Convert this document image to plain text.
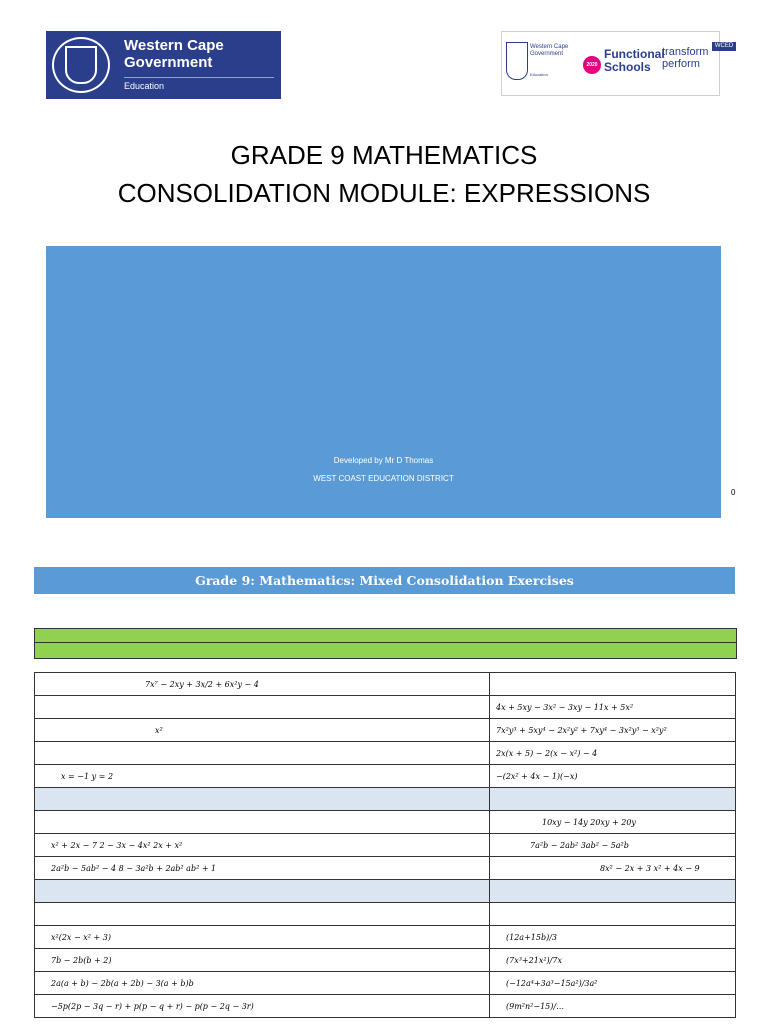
Western Cape Government
Education
Western Cape Government
Education
WCED
2020
Functional Schools
transform perform
GRADE 9 MATHEMATICS
CONSOLIDATION MODULE: EXPRESSIONS
Developed by Mr D Thomas
WEST COAST EDUCATION DISTRICT
0
Grade 9: Mathematics: Mixed Consolidation Exercises
7x⁷ − 2xy + 3x/2 + 6x²y − 4	
	4x + 5xy − 3x² − 3xy − 11x + 5x²
x²	7x²y³ + 5xy⁴ − 2x²y² + 7xy⁴ − 3x²y³ − x²y²
	2x(x + 5) − 2(x − x²) − 4
x = −1 y = 2	−(2x² + 4x − 1)(−x)

	10xy − 14y 20xy + 20y
x² + 2x − 7 2 − 3x − 4x² 2x + x²	7a²b − 2ab² 3ab² − 5a²b
2a²b − 5ab² − 4 8 − 3a²b + 2ab² ab² + 1	8x² − 2x + 3 x² + 4x − 9

x²(2x − x² + 3)	(12a+15b)/3
7b − 2b(b + 2)	(7x³+21x²)/7x
2a(a + b) − 2b(a + 2b) − 3(a + b)b	(−12a⁴+3a³−15a²)/3a²
−5p(2p − 3q − r) + p(p − q + r) − p(p − 2q − 3r)	(9m²n²−15)/…
